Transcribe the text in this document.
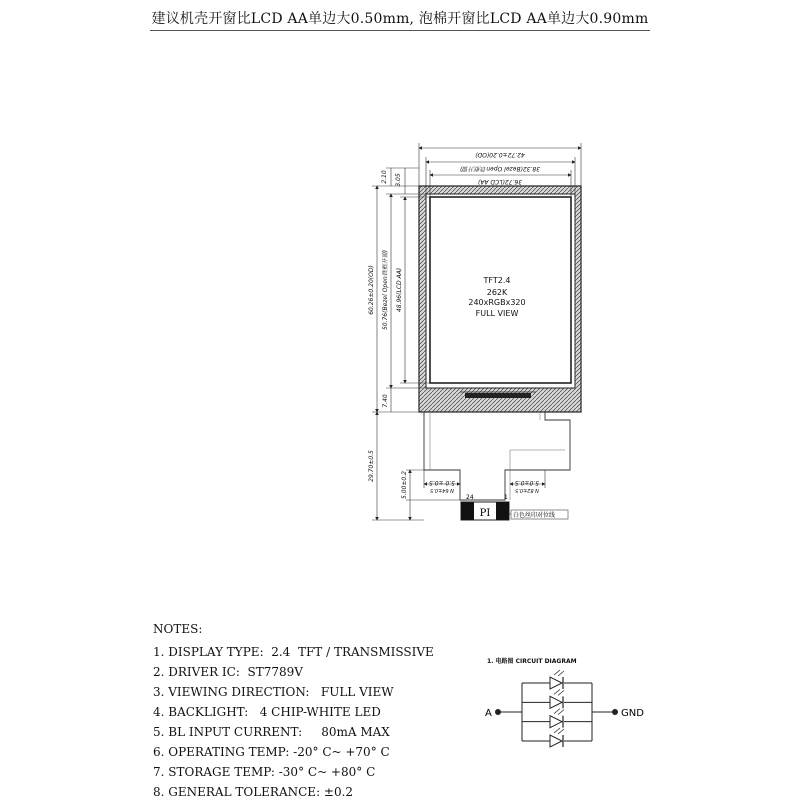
建议机壳开窗比LCD AA单边大0.50mm, 泡棉开窗比LCD AA单边大0.90mm
TFT2.4
262K
240xRGBx320
FULL VIEW
PI
24	1
白色丝印对位线
42.72±0.20(OD)
38.32(Bezel Open铁框开窗)
36.72(LCD AA)
2.10 3.05
60.26±0.20(OD) 50.76(Bezel Open铁框开窗) 48.96(LCD AA)
7.40
29.70±0.5
5.00±0.2	5.0 ±0.5
N 64±0.5
5.0±0.5
N 82±0.5
NOTES:
1. DISPLAY TYPE:  2.4  TFT / TRANSMISSIVE
2. DRIVER IC:  ST7789V
3. VIEWING DIRECTION:   FULL VIEW
4. BACKLIGHT:   4 CHIP-WHITE LED
5. BL INPUT CURRENT:     80mA MAX
6. OPERATING TEMP: -20° C~ +70° C
7. STORAGE TEMP: -30° C~ +80° C
8. GENERAL TOLERANCE: ±0.2
1. 电路图 CIRCUIT DIAGRAM
A	GND
